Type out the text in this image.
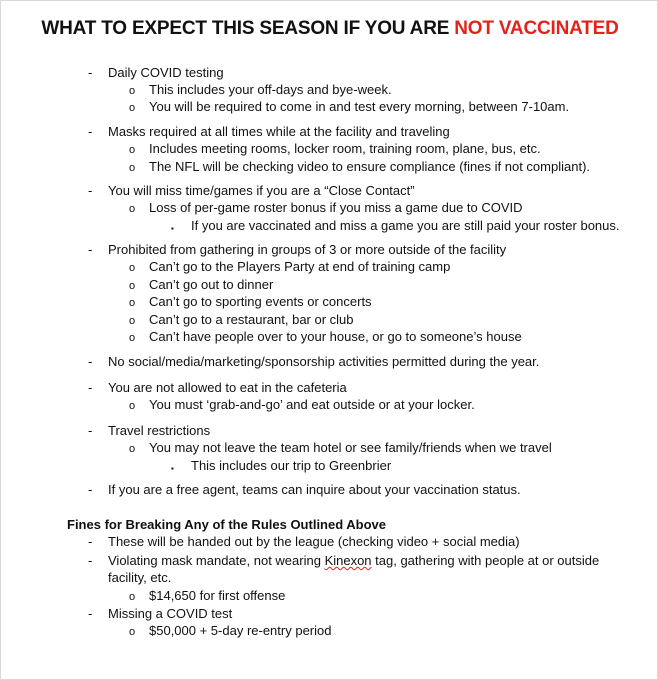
WHAT TO EXPECT THIS SEASON IF YOU ARE NOT VACCINATED
-	Daily COVID testing
o This includes your off-days and bye-week.
o You will be required to come in and test every morning, between 7-10am.
-	Masks required at all times while at the facility and traveling
o Includes meeting rooms, locker room, training room, plane, bus, etc.
o The NFL will be checking video to ensure compliance (fines if not compliant).
-	You will miss time/games if you are a “Close Contact”
o Loss of per-game roster bonus if you miss a game due to COVID
▪ If you are vaccinated and miss a game you are still paid your roster bonus.
-	Prohibited from gathering in groups of 3 or more outside of the facility
o Can’t go to the Players Party at end of training camp
o Can’t go out to dinner
o Can’t go to sporting events or concerts
o Can’t go to a restaurant, bar or club
o Can’t have people over to your house, or go to someone’s house
-	No social/media/marketing/sponsorship activities permitted during the year.
-	You are not allowed to eat in the cafeteria
o You must ‘grab-and-go’ and eat outside or at your locker.
-	Travel restrictions
o You may not leave the team hotel or see family/friends when we travel
▪ This includes our trip to Greenbrier
-	If you are a free agent, teams can inquire about your vaccination status.
Fines for Breaking Any of the Rules Outlined Above
-	These will be handed out by the league (checking video + social media)
-	Violating mask mandate, not wearing Kinexon tag, gathering with people at or outside
facility, etc.
o $14,650 for first offense
-	Missing a COVID test
o $50,000 + 5-day re-entry period
